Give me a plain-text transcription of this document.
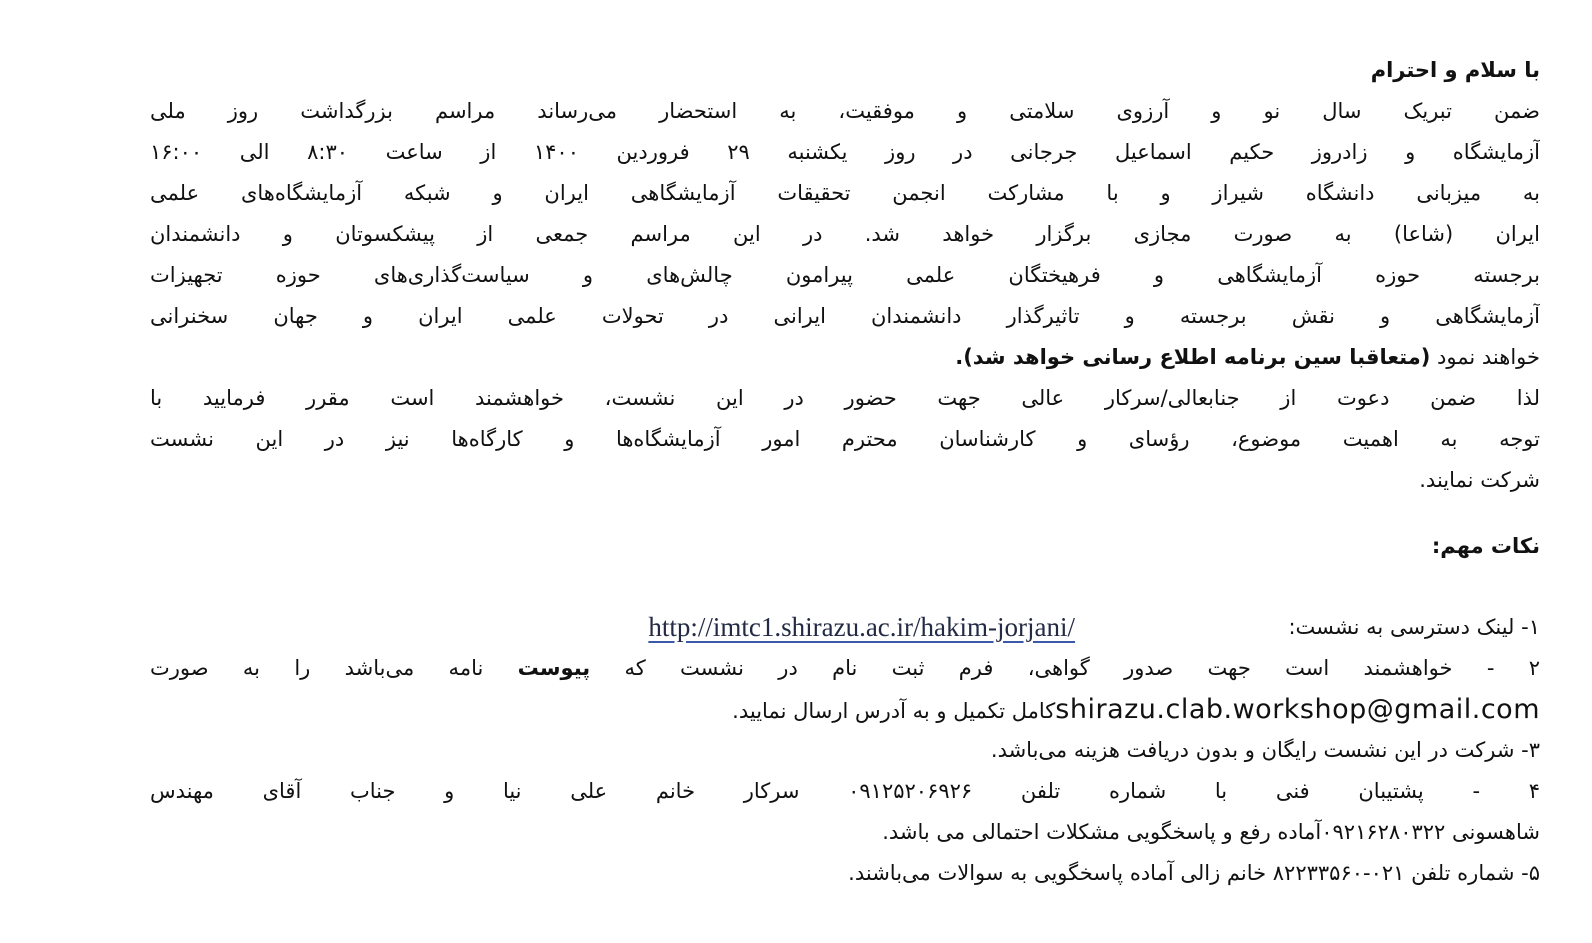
با سلام و احترام
ضمن تبریک سال نو و آرزوی سلامتی و موفقیت، به استحضار می‌رساند مراسم بزرگداشت روز ملی
آزمایشگاه و زادروز حکیم اسماعیل جرجانی در روز یکشنبه ۲۹ فروردین ۱۴۰۰ از ساعت ۸:۳۰ الی ۱۶:۰۰
به میزبانی دانشگاه شیراز و با مشارکت انجمن تحقیقات آزمایشگاهی ایران و شبکه آزمایشگاه‌های علمی
ایران (شاعا) به صورت مجازی برگزار خواهد شد. در این مراسم جمعی از پیشکسوتان و دانشمندان
برجسته حوزه آزمایشگاهی و فرهیختگان علمی پیرامون چالش‌های و سیاست‌گذاری‌های حوزه تجهیزات
آزمایشگاهی و نقش برجسته و تاثیرگذار دانشمندان ایرانی در تحولات علمی ایران و جهان سخنرانی
خواهند نمود (متعاقبا سین برنامه اطلاع رسانی خواهد شد).
لذا ضمن دعوت از جنابعالی/سرکار عالی جهت حضور در این نشست، خواهشمند است مقرر فرمایید با
توجه به اهمیت موضوع، رؤسای و کارشناسان محترم امور آزمایشگاه‌ها و کارگاه‌ها نیز در این نشست
شرکت نمایند.
نکات مهم:
۱- لینک دسترسی به نشست:
http://imtc1.shirazu.ac.ir/hakim-jorjani/
۲ - خواهشمند است جهت صدور گواهی، فرم ثبت نام در نشست که پیوست نامه می‌باشد را به صورت
shirazu.clab.workshop@gmail.comکامل تکمیل و به آدرس ارسال نمایید.
۳- شرکت در این نشست رایگان و بدون دریافت هزینه می‌باشد.
۴ - پشتیبان فنی با شماره تلفن ۰۹۱۲۵۲۰۶۹۲۶ سرکار خانم علی نیا و جناب آقای مهندس
شاهسونی ۰۹۲۱۶۲۸۰۳۲۲آماده رفع و پاسخگویی مشکلات احتمالی می باشد.
۵- شماره تلفن ۰۲۱-۸۲۲۳۳۵۶۰ خانم زالی آماده پاسخگویی به سوالات می‌باشند.
